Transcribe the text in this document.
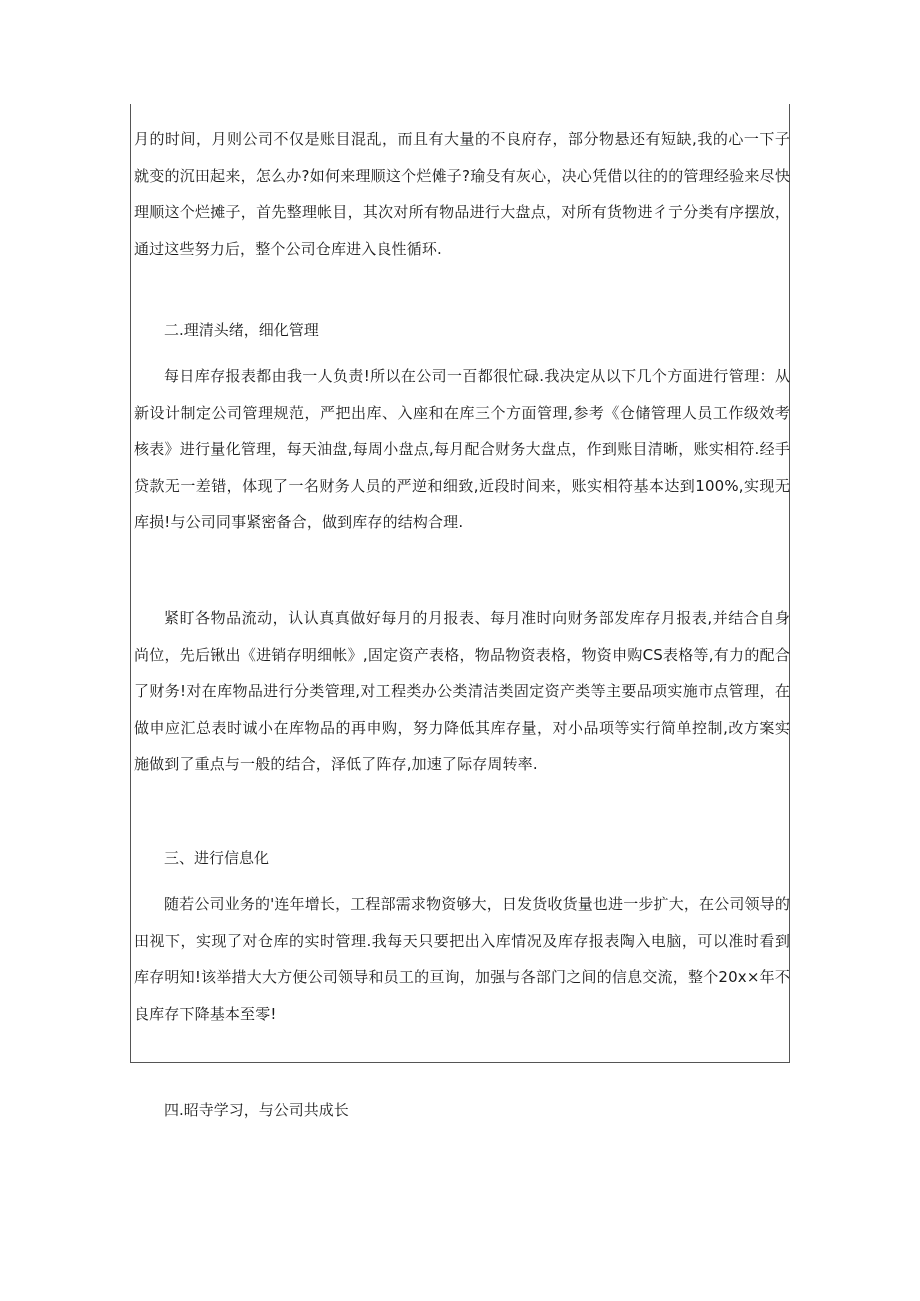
月的时间，月则公司不仅是账目混乱，而且有大量的不良府存，部分物悬还有短缺,我的心一下子就变的沉田起来，怎么办?如何来理顺这个烂傩子?瑜殳有灰心，决心凭借以往的的管理经验来尽快理顺这个烂摊子，首先整理帐目，其次对所有物品进行大盘点，对所有货物进彳亍分类有序摆放，通过这些努力后，整个公司仓库进入良性循环.

二.理清头绪，细化管理

每日库存报表都由我一人负责!所以在公司一百都很忙碌.我决定从以下几个方面进行管理：从新设计制定公司管理规范，严把出库、入座和在库三个方面管理,参考《仓储管理人员工作级效考核表》进行量化管理，每天油盘,每周小盘点,每月配合财务大盘点，作到账目清晰，账实相符.经手贷款无一差错，体现了一名财务人员的严逆和细致,近段时间来，账实相符基本达到100%,实现无库损!与公司同事紧密备合，做到库存的结构合理.

紧盯各物品流动，认认真真做好每月的月报表、每月准时向财务部发库存月报表,并结合自身尚位，先后锹出《进销存明细帐》,固定资产表格，物品物资表格，物资申购CS表格等,有力的配合了财务!对在库物品进行分类管理,对工程类办公类清洁类固定资产类等主要品项实施市点管理，在做申应汇总表时诚小在库物品的再申购，努力降低其库存量，对小品项等实行简单控制,改方案实施做到了重点与一般的结合，泽低了阵存,加速了际存周转率.

三、进行信息化

随若公司业务的'连年增长，工程部需求物资够大，日发货收货量也进一步扩大，在公司领导的田视下，实现了对仓库的实时管理.我每天只要把出入库情况及库存报表陶入电脑，可以准时看到库存明知!该举措大大方便公司领导和员工的亘询，加强与各部门之间的信息交流，整个20x×年不良库存下降基本至零!

四.昭寺学习，与公司共成长
